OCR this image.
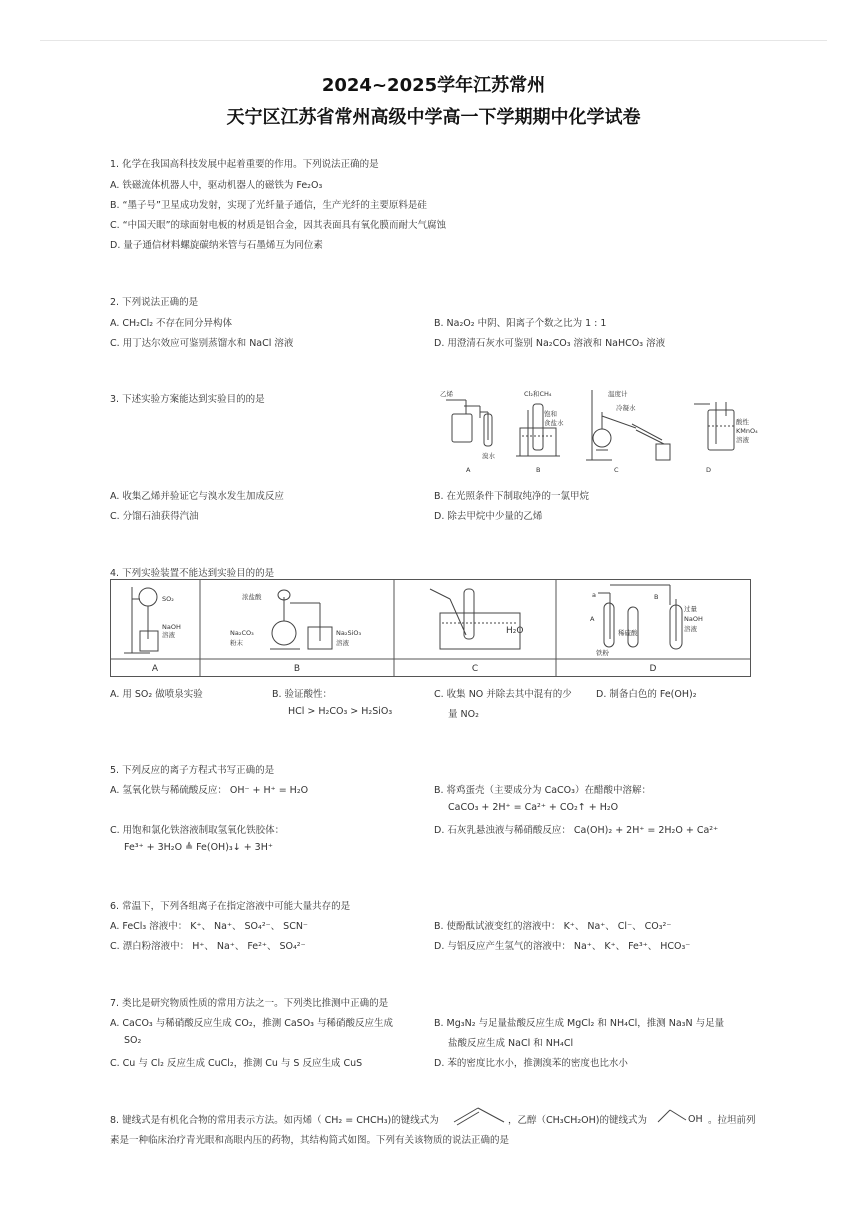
2024~2025学年江苏常州
天宁区江苏省常州高级中学高一下学期期中化学试卷
1. 化学在我国高科技发展中起着重要的作用。下列说法正确的是
A. 铁磁流体机器人中，驱动机器人的磁铁为 Fe₂O₃
B. “墨子号”卫星成功发射，实现了光纤量子通信，生产光纤的主要原料是硅
C. “中国天眼”的球面射电板的材质是铝合金，因其表面具有氧化膜而耐大气腐蚀
D. 量子通信材料螺旋碳纳米管与石墨烯互为同位素
2. 下列说法正确的是
A. CH₂Cl₂ 不存在同分异构体	B. Na₂O₂ 中阴、阳离子个数之比为 1 : 1
C. 用丁达尔效应可鉴别蒸馏水和 NaCl 溶液	D. 用澄清石灰水可鉴别 Na₂CO₃ 溶液和 NaHCO₃ 溶液
3. 下述实验方案能达到实验目的的是	乙烯
溴水
Cl₂和CH₄
饱和
食盐水
温度计
冷凝水
酸性
KMnO₄
溶液
A	B	C	D
A. 收集乙烯并验证它与溴水发生加成反应	B. 在光照条件下制取纯净的一氯甲烷
C. 分馏石油获得汽油	D. 除去甲烷中少量的乙烯
4. 下列实验装置不能达到实验目的的是
SO₂
NaOH
溶液
浓盐酸
Na₂CO₃
粉末
Na₂SiO₃
溶液
H₂O
a
A
B
稀硫酸
过量
NaOH
溶液
铁粉
A	B	C	D
A. 用 SO₂ 做喷泉实验	B. 验证酸性：
HCl > H₂CO₃ > H₂SiO₃
C. 收集 NO 并除去其中混有的少
量 NO₂
D. 制备白色的 Fe(OH)₂
5. 下列反应的离子方程式书写正确的是
A. 氢氧化铁与稀硫酸反应： OH⁻ + H⁺ = H₂O	B. 将鸡蛋壳（主要成分为 CaCO₃）在醋酸中溶解：
CaCO₃ + 2H⁺ = Ca²⁺ + CO₂↑ + H₂O
C. 用饱和氯化铁溶液制取氢氧化铁胶体：
Fe³⁺ + 3H₂O ≜ Fe(OH)₃↓ + 3H⁺
D. 石灰乳悬浊液与稀硝酸反应： Ca(OH)₂ + 2H⁺ = 2H₂O + Ca²⁺
6. 常温下，下列各组离子在指定溶液中可能大量共存的是
A. FeCl₃ 溶液中： K⁺、 Na⁺、 SO₄²⁻、 SCN⁻	B. 使酚酞试液变红的溶液中： K⁺、 Na⁺、 Cl⁻、 CO₃²⁻
C. 漂白粉溶液中： H⁺、 Na⁺、 Fe²⁺、 SO₄²⁻	D. 与铝反应产生氢气的溶液中： Na⁺、 K⁺、 Fe³⁺、 HCO₃⁻
7. 类比是研究物质性质的常用方法之一。下列类比推测中正确的是
A. CaCO₃ 与稀硝酸反应生成 CO₂，推测 CaSO₃ 与稀硝酸反应生成
SO₂
B. Mg₃N₂ 与足量盐酸反应生成 MgCl₂ 和 NH₄Cl，推测 Na₃N 与足量
盐酸反应生成 NaCl 和 NH₄Cl
C. Cu 与 Cl₂ 反应生成 CuCl₂，推测 Cu 与 S 反应生成 CuS	D. 苯的密度比水小，推测溴苯的密度也比水小
8. 键线式是有机化合物的常用表示方法。如丙烯（ CH₂ = CHCH₃)的键线式为	，乙醇（CH₃CH₂OH)的键线式为	OH 。拉坦前列
素是一种临床治疗青光眼和高眼内压的药物，其结构简式如图。下列有关该物质的说法正确的是
